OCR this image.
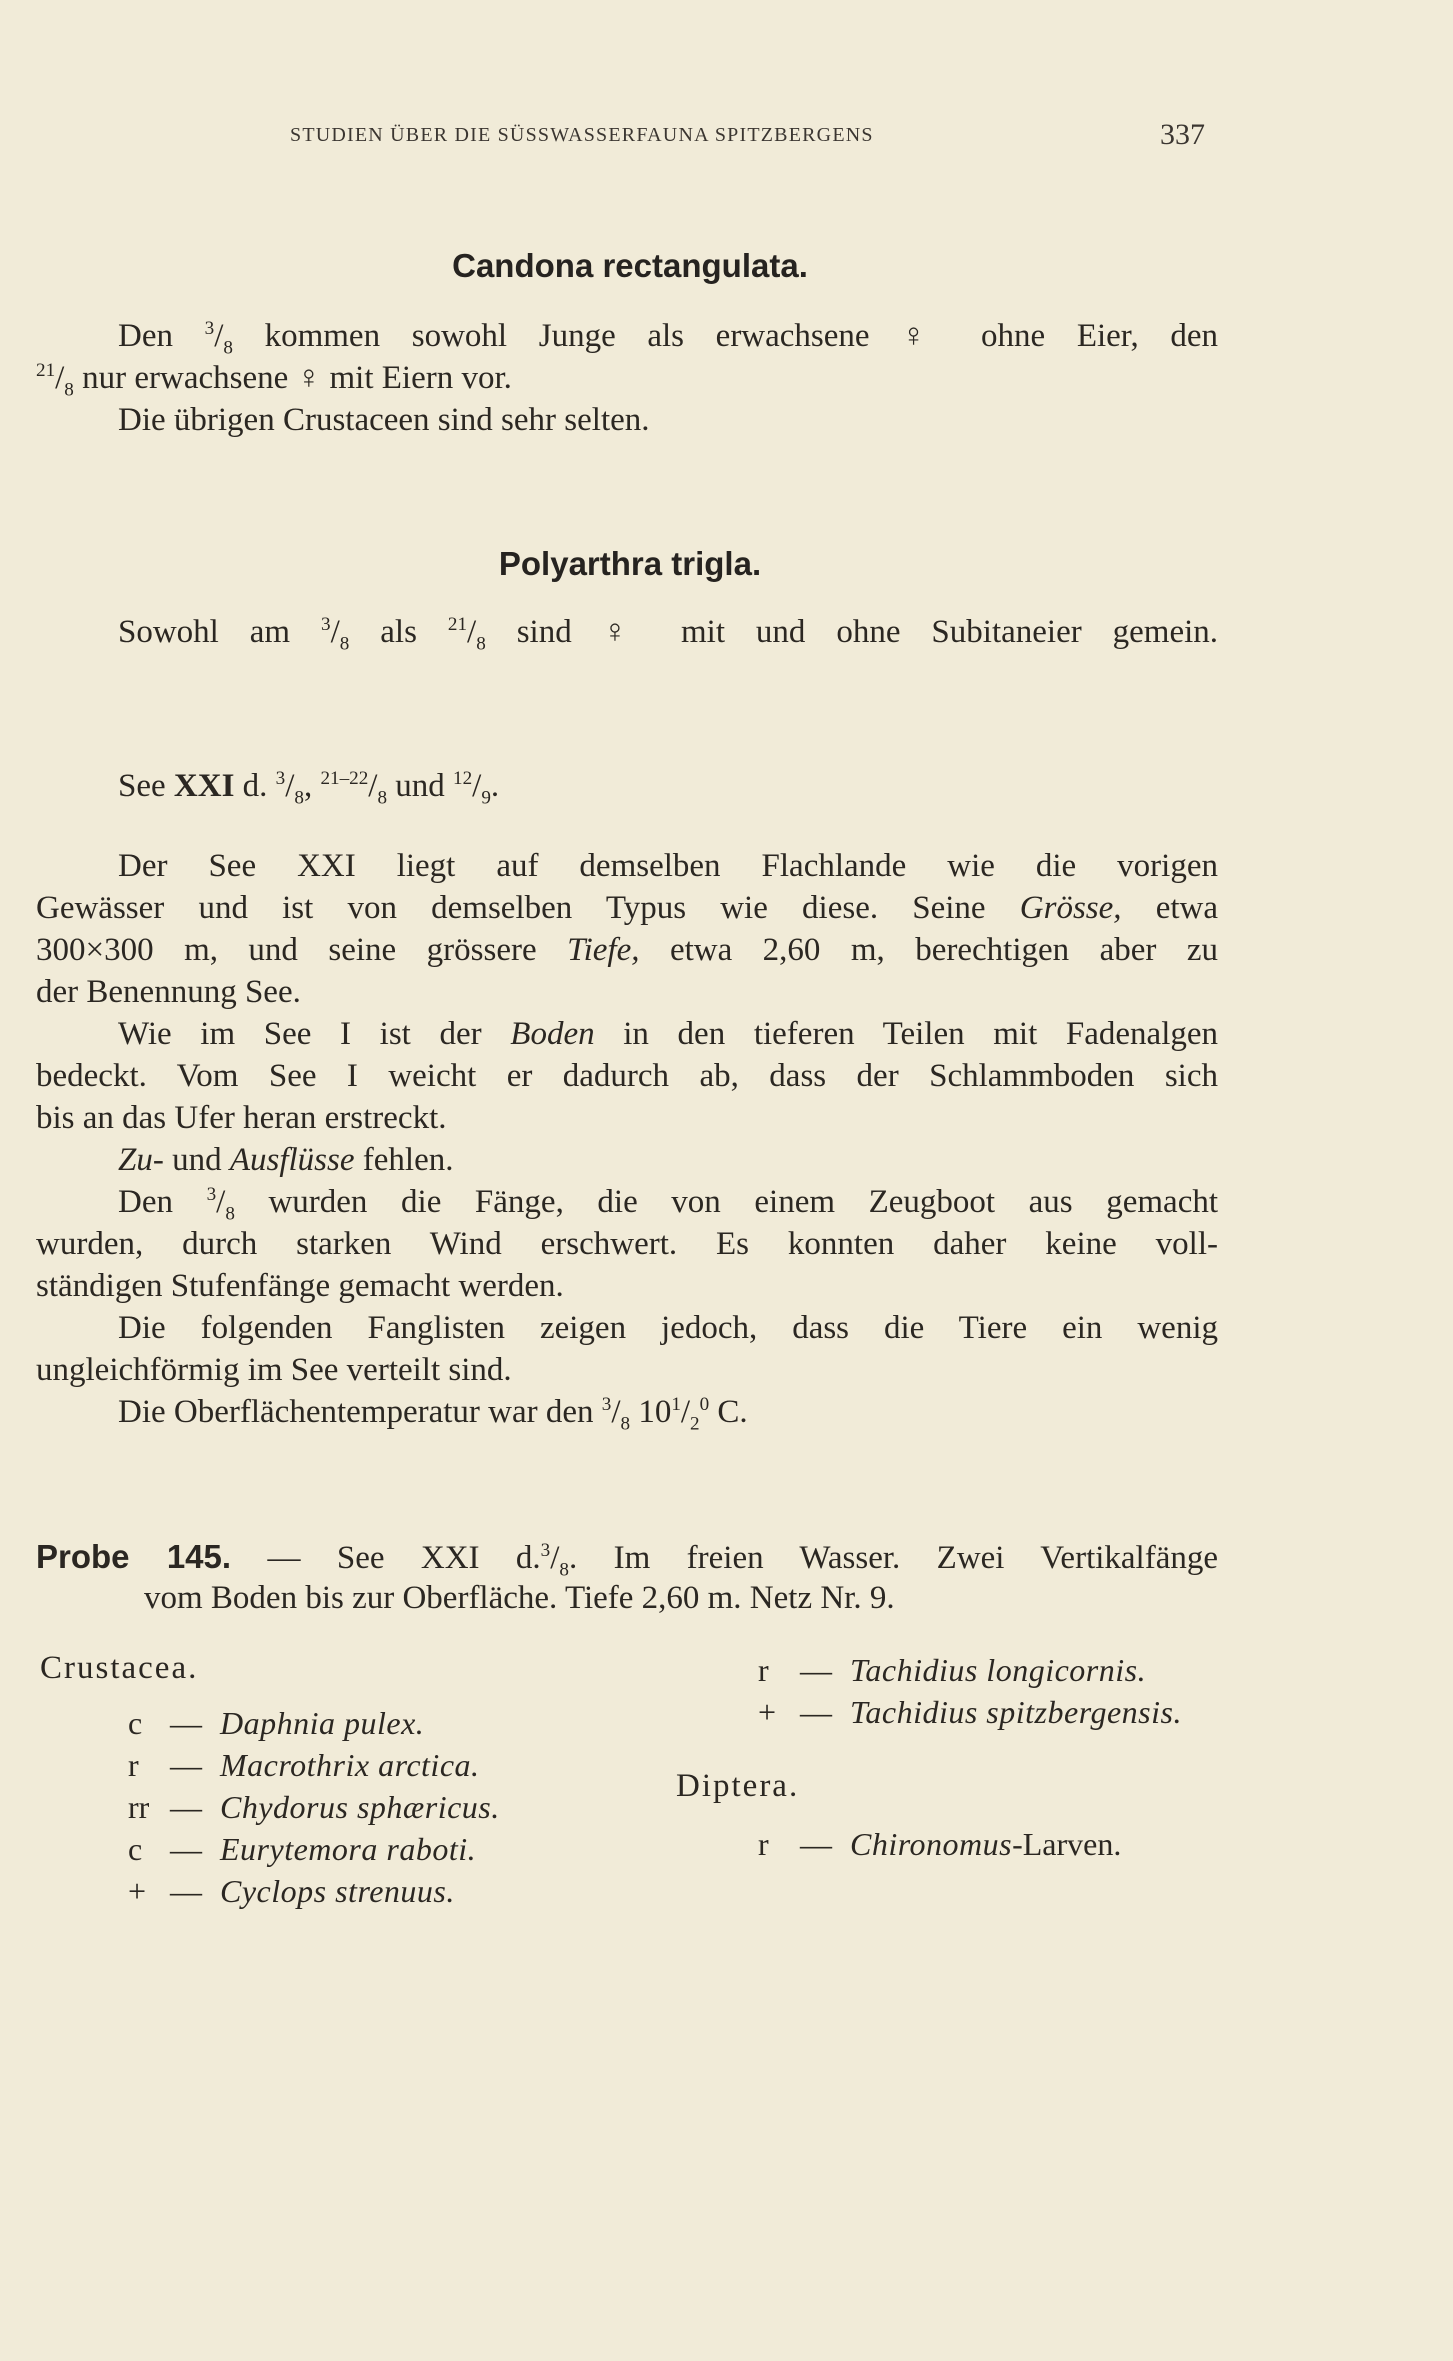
STUDIEN ÜBER DIE SÜSSWASSERFAUNA SPITZBERGENS	337
Candona rectangulata.
Den $^3/_8$ kommen sowohl Junge als erwachsene ♀ ohne Eier, den
$^{21}/_8$ nur erwachsene ♀ mit Eiern vor.
Die übrigen Crustaceen sind sehr selten.
Polyarthra trigla.
Sowohl am $^3/_8$ als $^{21}/_8$ sind ♀ mit und ohne Subitaneier gemein.
See XXI d. $^3/_8$, $^{21-22}/_8$ und $^{12}/_9$.
Der See XXI liegt auf demselben Flachlande wie die vorigen
Gewässer und ist von demselben Typus wie diese. Seine Grösse, etwa
300×300 m, und seine grössere Tiefe, etwa 2,60 m, berechtigen aber zu
der Benennung See.
Wie im See I ist der Boden in den tieferen Teilen mit Fadenalgen
bedeckt. Vom See I weicht er dadurch ab, dass der Schlammboden sich
bis an das Ufer heran erstreckt.
Zu- und Ausflüsse fehlen.
Den $^3/_8$ wurden die Fänge, die von einem Zeugboot aus gemacht
wurden, durch starken Wind erschwert. Es konnten daher keine voll-
ständigen Stufenfänge gemacht werden.
Die folgenden Fanglisten zeigen jedoch, dass die Tiere ein wenig
ungleichförmig im See verteilt sind.
Die Oberflächentemperatur war den $^3/_8$ $10^1/_2^0$ C.
Probe 145. — See XXI $d.^3/_8$. Im freien Wasser. Zwei Vertikalfänge
vom Boden bis zur Oberfläche. Tiefe 2,60 m. Netz Nr. 9.
Crustacea.
c — Daphnia pulex.
r — Macrothrix arctica.
rr — Chydorus sphæricus.
c — Eurytemora raboti.
+ — Cyclops strenuus.
r — Tachidius longicornis.
+ — Tachidius spitzbergensis.
Diptera.
r — Chironomus-Larven.
